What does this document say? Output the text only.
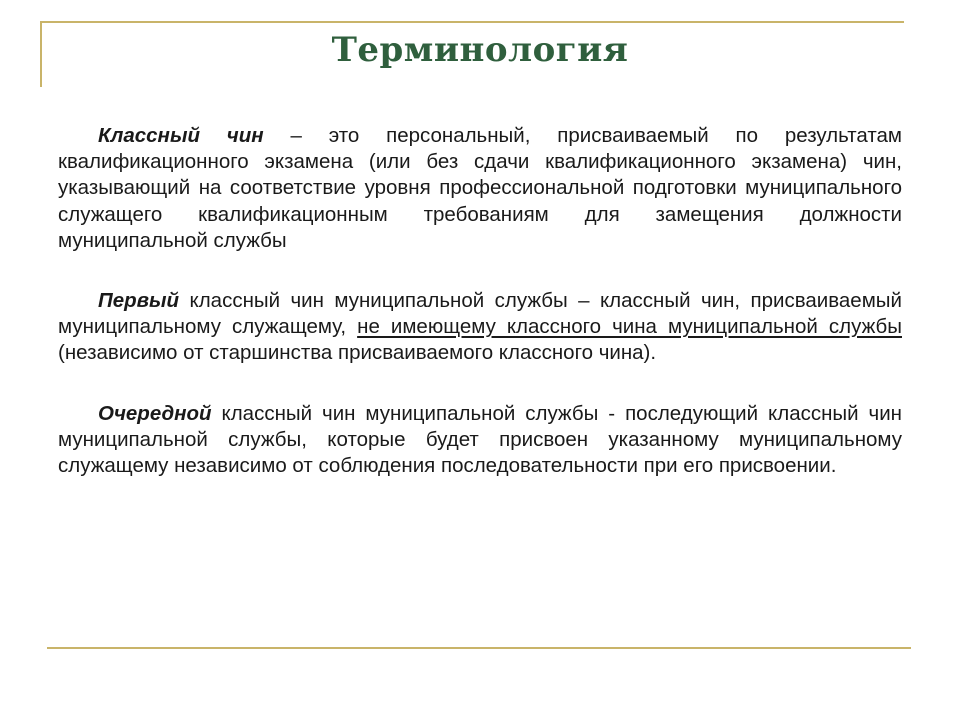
Терминология

Классный чин – это персональный, присваиваемый по результатам квалификационного экзамена (или без сдачи квалификационного экзамена) чин, указывающий на соответствие уровня профессиональной подготовки муниципального служащего квалификационным требованиям для замещения должности муниципальной службы

Первый классный чин муниципальной службы – классный чин, присваиваемый муниципальному служащему, не имеющему классного чина муниципальной службы (независимо от старшинства присваиваемого классного чина).

Очередной классный чин муниципальной службы - последующий классный чин муниципальной службы, которые будет присвоен указанному муниципальному служащему независимо от соблюдения последовательности при его присвоении.
